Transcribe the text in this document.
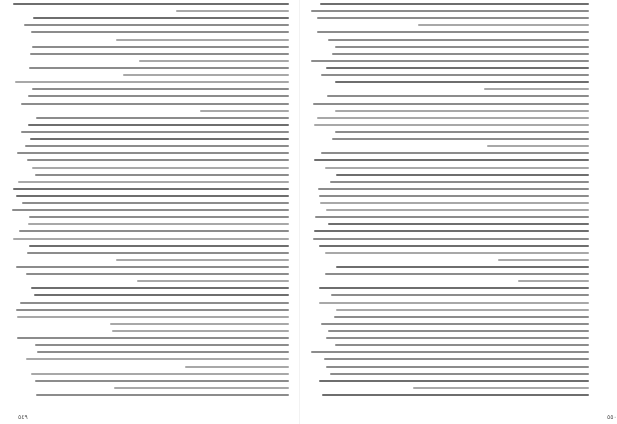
٥٤٩	٥٥٠
